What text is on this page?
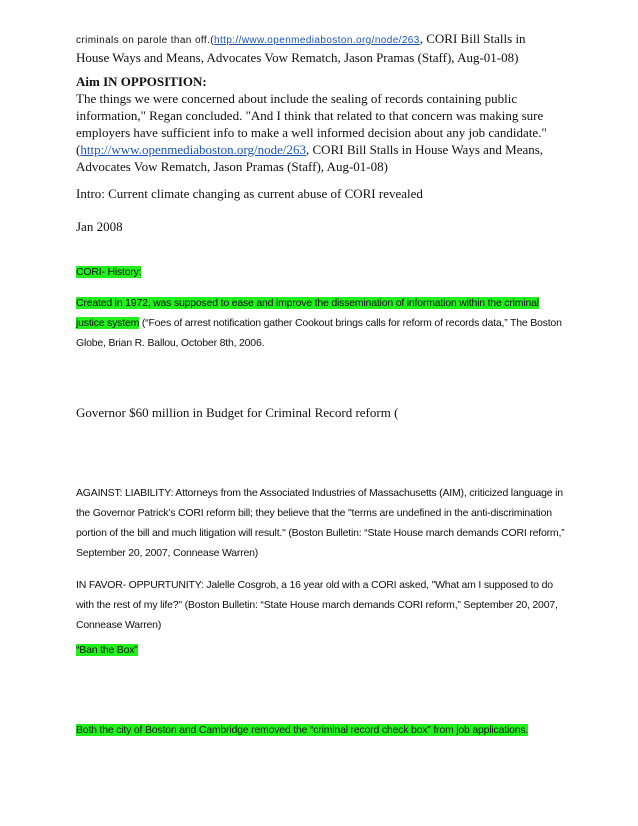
criminals on parole than off.(http://www.openmediaboston.org/node/263, CORI Bill Stalls in
House Ways and Means, Advocates Vow Rematch, Jason Pramas (Staff), Aug-01-08)
Aim IN OPPOSITION:
The things we were concerned about include the sealing of records containing public information," Regan concluded. "And I think that related to that concern was making sure employers have sufficient info to make a well informed decision about any job candidate."(http://www.openmediaboston.org/node/263, CORI Bill Stalls in House Ways and Means, Advocates Vow Rematch, Jason Pramas (Staff), Aug-01-08)
Intro: Current climate changing as current abuse of CORI revealed
Jan 2008
CORI- History:
Created in 1972, was supposed to ease and improve the dissemination of information within the criminal justice system (“Foes of arrest notification gather Cookout brings calls for reform of records data,” The Boston Globe, Brian R. Ballou, October 8th, 2006.
Governor $60 million in Budget for Criminal Record reform (
AGAINST: LIABILITY: Attorneys from the Associated Industries of Massachusetts (AIM), criticized language in the Governor Patrick’s CORI reform bill; they believe that the "terms are undefined in the anti-discrimination portion of the bill and much litigation will result." (Boston Bulletin: “State House march demands CORI reform,” September 20, 2007, Connease Warren)
IN FAVOR- OPPURTUNITY: Jalelle Cosgrob, a 16 year old with a CORI asked, "What am I supposed to do with the rest of my life?" (Boston Bulletin: “State House march demands CORI reform,” September 20, 2007, Connease Warren)
“Ban the Box”
Both the city of Boston and Cambridge removed the “criminal record check box” from job applications.
